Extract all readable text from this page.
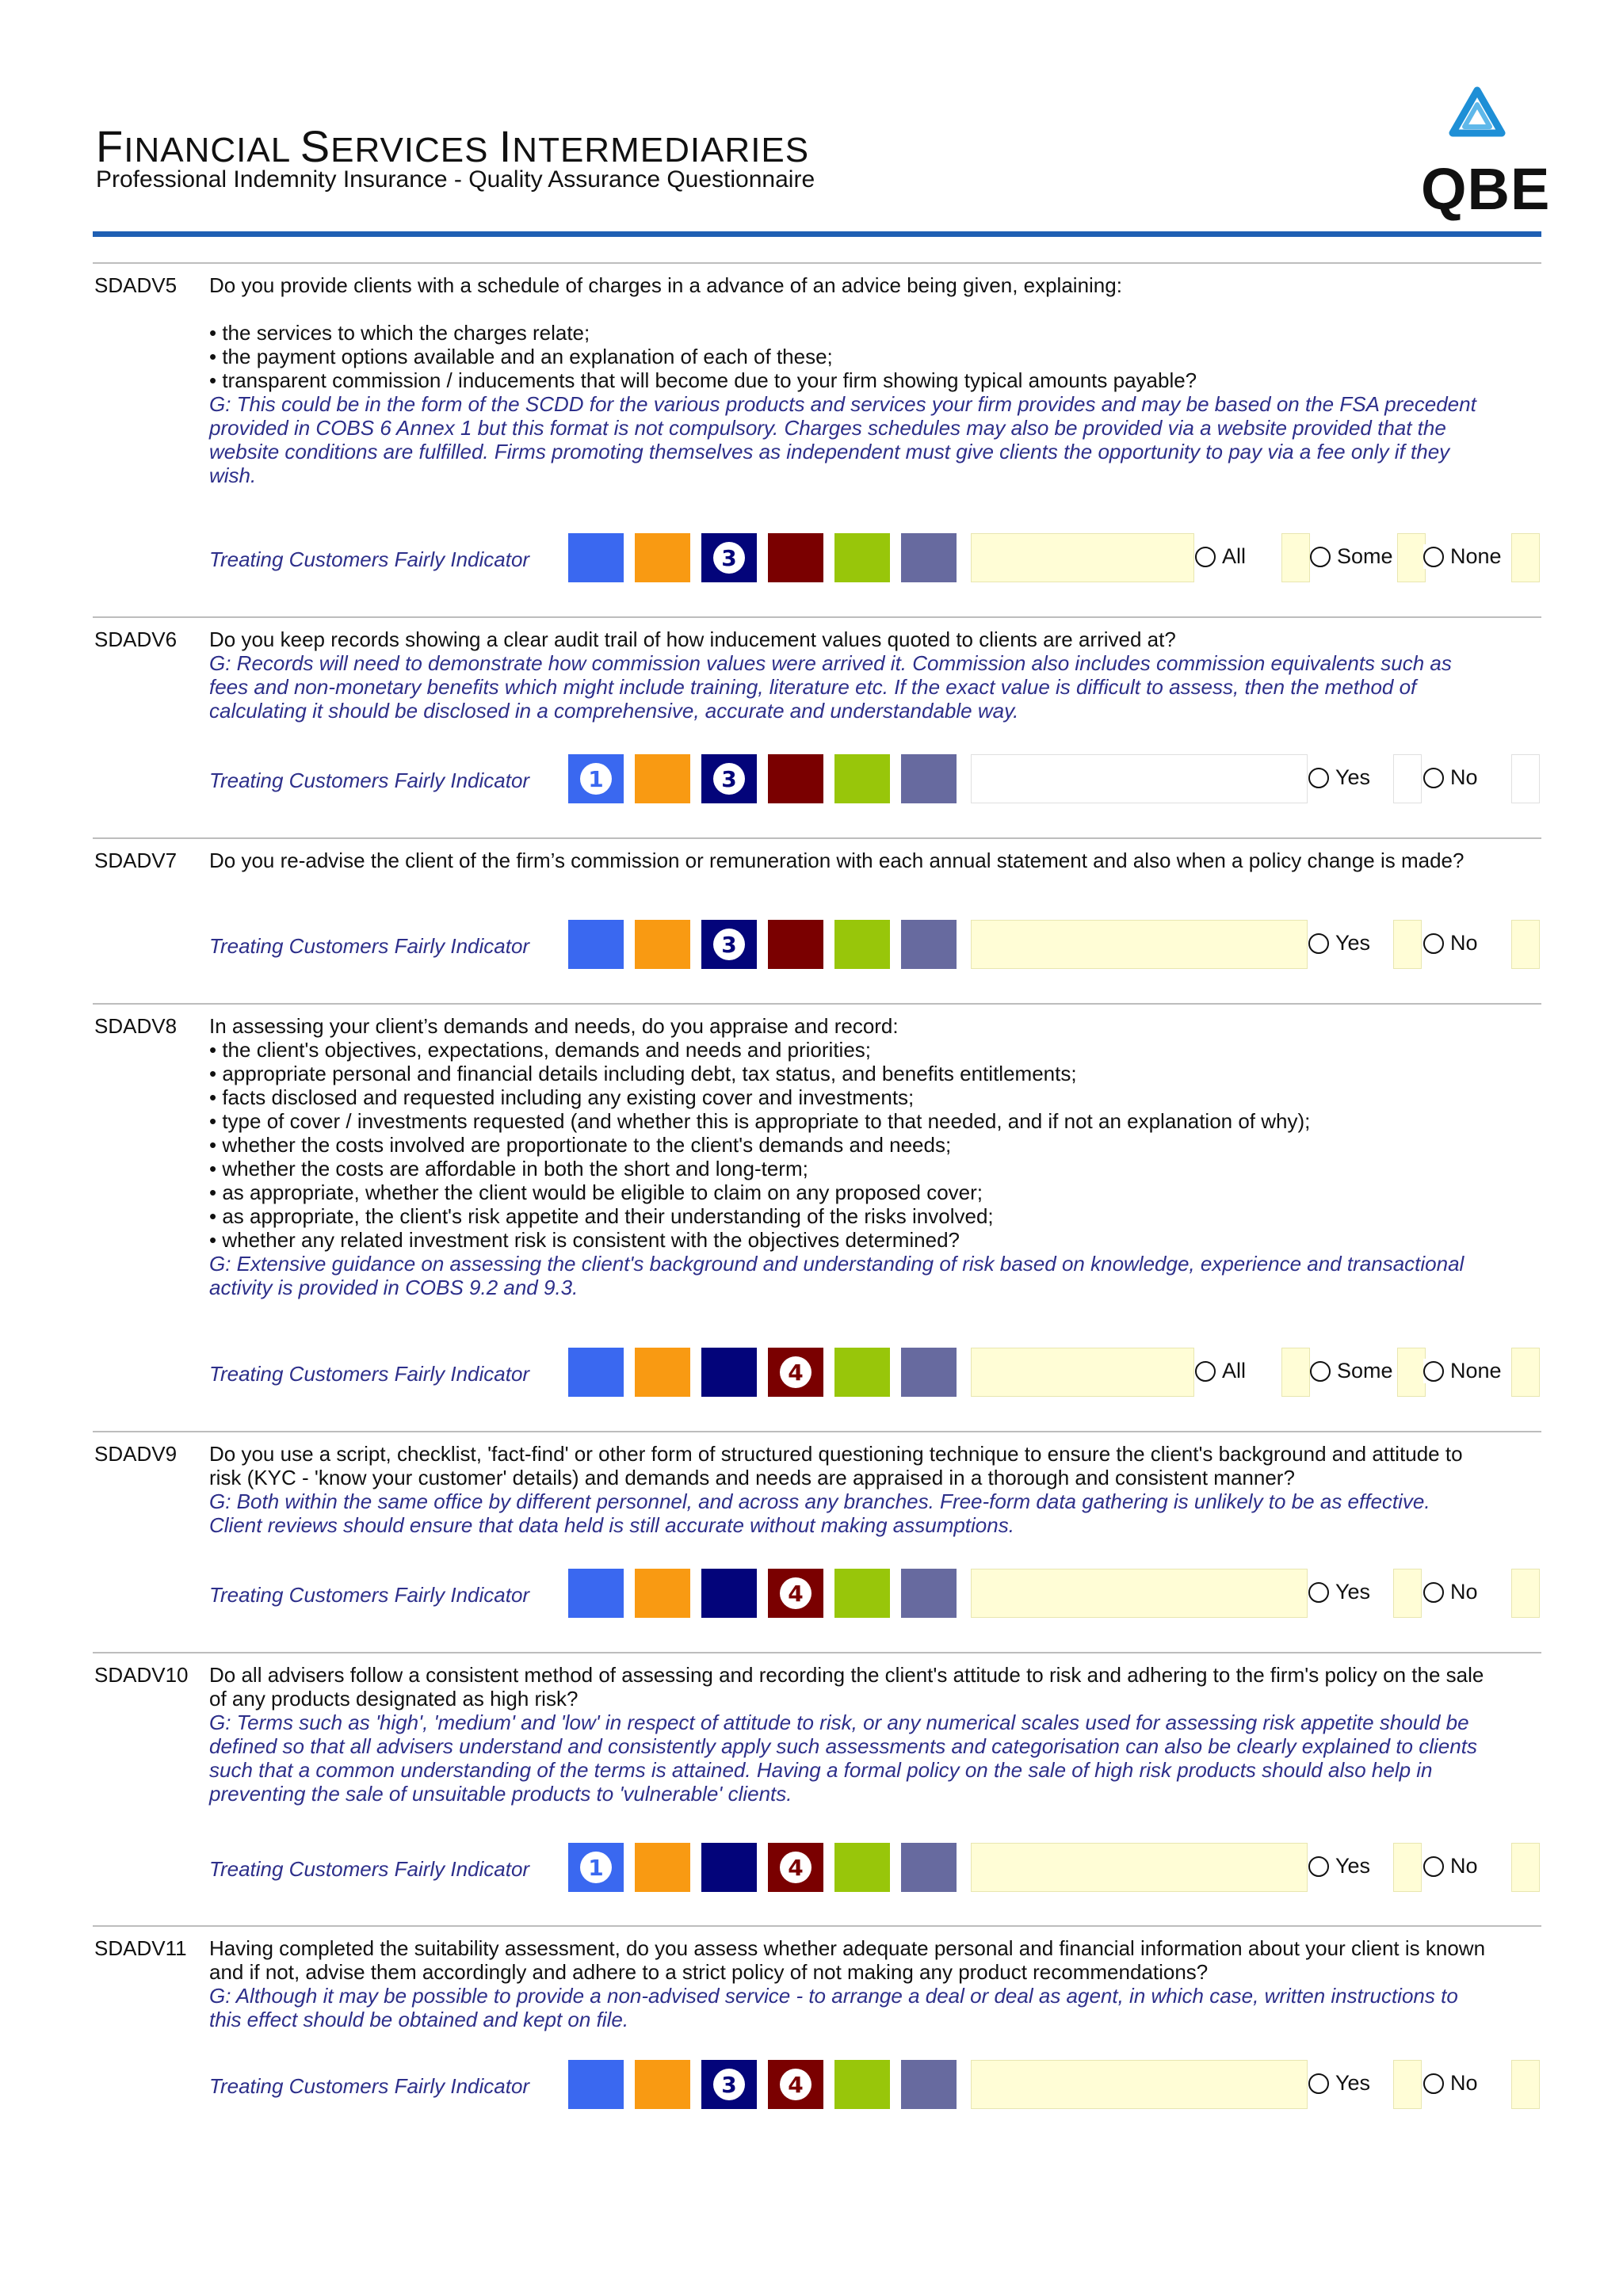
FINANCIAL SERVICES INTERMEDIARIES
Professional Indemnity Insurance - Quality Assurance Questionnaire	QBE
SDADV5 Do you provide clients with a schedule of charges in a advance of an advice being given, explaining:
• the services to which the charges relate;
• the payment options available and an explanation of each of these;
• transparent commission / inducements that will become due to your firm showing typical amounts payable?
G: This could be in the form of the SCDD for the various products and services your firm provides and may be based on the FSA precedent
provided in COBS 6 Annex 1 but this format is not compulsory. Charges schedules may also be provided via a website provided that the
website conditions are fulfilled. Firms promoting themselves as independent must give clients the opportunity to pay via a fee only if they
wish.
Treating Customers Fairly Indicator	3	All	Some	None
SDADV6 Do you keep records showing a clear audit trail of how inducement values quoted to clients are arrived at?
G: Records will need to demonstrate how commission values were arrived it. Commission also includes commission equivalents such as
fees and non-monetary benefits which might include training, literature etc. If the exact value is difficult to assess, then the method of
calculating it should be disclosed in a comprehensive, accurate and understandable way.
Treating Customers Fairly Indicator	1	3	Yes	No
SDADV7 Do you re-advise the client of the firm’s commission or remuneration with each annual statement and also when a policy change is made?
Treating Customers Fairly Indicator	3	Yes	No
SDADV8 In assessing your client’s demands and needs, do you appraise and record:
• the client's objectives, expectations, demands and needs and priorities;
• appropriate personal and financial details including debt, tax status, and benefits entitlements;
• facts disclosed and requested including any existing cover and investments;
• type of cover / investments requested (and whether this is appropriate to that needed, and if not an explanation of why);
• whether the costs involved are proportionate to the client's demands and needs;
• whether the costs are affordable in both the short and long-term;
• as appropriate, whether the client would be eligible to claim on any proposed cover;
• as appropriate, the client's risk appetite and their understanding of the risks involved;
• whether any related investment risk is consistent with the objectives determined?
G: Extensive guidance on assessing the client's background and understanding of risk based on knowledge, experience and transactional
activity is provided in COBS 9.2 and 9.3.
Treating Customers Fairly Indicator	4	All	Some	None
SDADV9 Do you use a script, checklist, 'fact-find' or other form of structured questioning technique to ensure the client's background and attitude to
risk (KYC - 'know your customer' details) and demands and needs are appraised in a thorough and consistent manner?
G: Both within the same office by different personnel, and across any branches. Free-form data gathering is unlikely to be as effective.
Client reviews should ensure that data held is still accurate without making assumptions.
Treating Customers Fairly Indicator	4	Yes	No
SDADV10 Do all advisers follow a consistent method of assessing and recording the client's attitude to risk and adhering to the firm's policy on the sale
of any products designated as high risk?
G: Terms such as 'high', 'medium' and 'low' in respect of attitude to risk, or any numerical scales used for assessing risk appetite should be
defined so that all advisers understand and consistently apply such assessments and categorisation can also be clearly explained to clients
such that a common understanding of the terms is attained. Having a formal policy on the sale of high risk products should also help in
preventing the sale of unsuitable products to 'vulnerable' clients.
Treating Customers Fairly Indicator	1	4	Yes	No
SDADV11 Having completed the suitability assessment, do you assess whether adequate personal and financial information about your client is known
and if not, advise them accordingly and adhere to a strict policy of not making any product recommendations?
G: Although it may be possible to provide a non-advised service - to arrange a deal or deal as agent, in which case, written instructions to
this effect should be obtained and kept on file.
Treating Customers Fairly Indicator	3	4	Yes	No
